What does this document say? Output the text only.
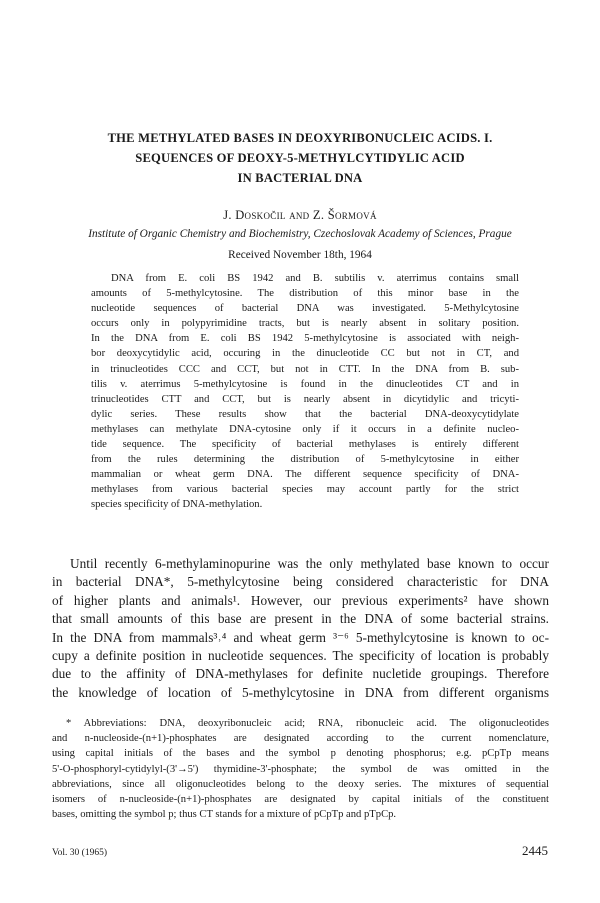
THE METHYLATED BASES IN DEOXYRIBONUCLEIC ACIDS. I.
SEQUENCES OF DEOXY-5-METHYLCYTIDYLIC ACID
IN BACTERIAL DNA
J. Doskočil and Z. Šormová
Institute of Organic Chemistry and Biochemistry, Czechoslovak Academy of Sciences, Prague
Received November 18th, 1964
DNA from E. coli BS 1942 and B. subtilis v. aterrimus contains small
amounts of 5-methylcytosine. The distribution of this minor base in the
nucleotide sequences of bacterial DNA was investigated. 5-Methylcytosine
occurs only in polypyrimidine tracts, but is nearly absent in solitary position.
In the DNA from E. coli BS 1942 5-methylcytosine is associated with neigh-
bor deoxycytidylic acid, occuring in the dinucleotide CC but not in CT, and
in trinucleotides CCC and CCT, but not in CTT. In the DNA from B. sub-
tilis v. aterrimus 5-methylcytosine is found in the dinucleotides CT and in
trinucleotides CTT and CCT, but is nearly absent in dicytidylic and tricyti-
dylic series. These results show that the bacterial DNA-deoxycytidylate
methylases can methylate DNA-cytosine only if it occurs in a definite nucleo-
tide sequence. The specificity of bacterial methylases is entirely different
from the rules determining the distribution of 5-methylcytosine in either
mammalian or wheat germ DNA. The different sequence specificity of DNA-
methylases from various bacterial species may account partly for the strict
species specificity of DNA-methylation.
Until recently 6-methylaminopurine was the only methylated base known to occur
in bacterial DNA*, 5-methylcytosine being considered characteristic for DNA
of higher plants and animals¹. However, our previous experiments² have shown
that small amounts of this base are present in the DNA of some bacterial strains.
In the DNA from mammals³˒⁴ and wheat germ ³⁻⁶ 5-methylcytosine is known to oc-
cupy a definite position in nucleotide sequences. The specificity of location is probably
due to the affinity of DNA-methylases for definite nucletide groupings. Therefore
the knowledge of location of 5-methylcytosine in DNA from different organisms
* Abbreviations: DNA, deoxyribonucleic acid; RNA, ribonucleic acid. The oligonucleotides
and n-nucleoside-(n+1)-phosphates are designated according to the current nomenclature,
using capital initials of the bases and the symbol p denoting phosphorus; e.g. pCpTp means
5'-O-phosphoryl-cytidylyl-(3'→5') thymidine-3'-phosphate; the symbol de was omitted in the
abbreviations, since all oligonucleotides belong to the deoxy series. The mixtures of sequential
isomers of n-nucleoside-(n+1)-phosphates are designated by capital initials of the constituent
bases, omitting the symbol p; thus CT stands for a mixture of pCpTp and pTpCp.
Vol. 30 (1965)	2445
